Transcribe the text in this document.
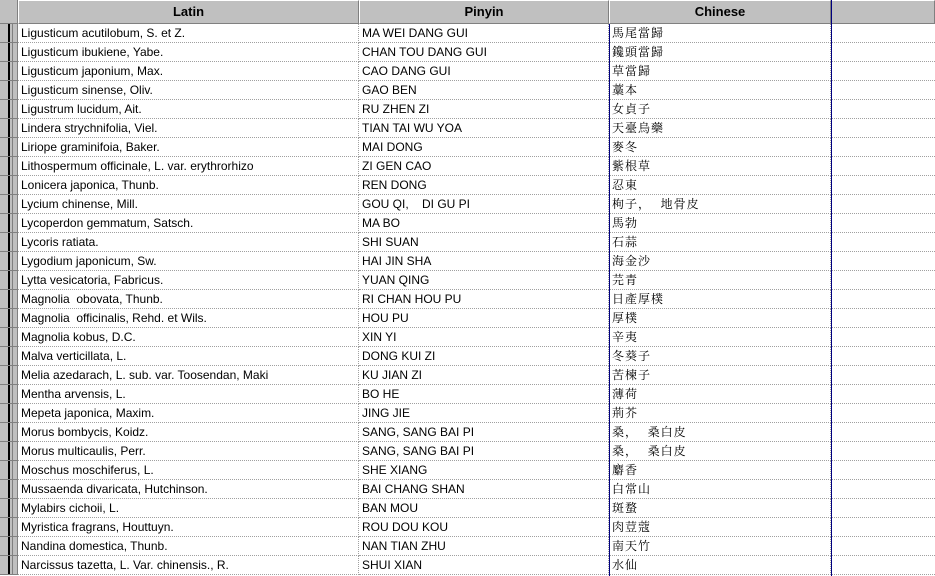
Latin	Pinyin	Chinese
Ligusticum acutilobum, S. et Z.	MA WEI DANG GUI	馬尾當歸
Ligusticum ibukiene, Yabe.	CHAN TOU DANG GUI	鑱頭當歸
Ligusticum japonium, Max.	CAO DANG GUI	草當歸
Ligusticum sinense, Oliv.	GAO BEN	藁本
Ligustrum lucidum, Ait.	RU ZHEN ZI	女貞子
Lindera strychnifolia, Viel.	TIAN TAI WU YOA	天臺烏藥
Liriope graminifoia, Baker.	MAI DONG	麥冬
Lithospermum officinale, L. var. erythrorhizo	ZI GEN CAO	紫根草
Lonicera japonica, Thunb.	REN DONG	忍東
Lycium chinense, Mill.	GOU QI,    DI GU PI	枸子，  地骨皮
Lycoperdon gemmatum, Satsch.	MA BO	馬勃
Lycoris ratiata.	SHI SUAN	石蒜
Lygodium japonicum, Sw.	HAI JIN SHA	海金沙
Lytta vesicatoria, Fabricus.	YUAN QING	芫青
Magnolia  obovata, Thunb.	RI CHAN HOU PU	日產厚樸
Magnolia  officinalis, Rehd. et Wils.	HOU PU	厚樸
Magnolia kobus, D.C.	XIN YI	辛夷
Malva verticillata, L.	DONG KUI ZI	冬葵子
Melia azedarach, L. sub. var. Toosendan, Maki	KU JIAN ZI	苦楝子
Mentha arvensis, L.	BO HE	薄荷
Mepeta japonica, Maxim.	JING JIE	荊芥
Morus bombycis, Koidz.	SANG, SANG BAI PI	桑，  桑白皮
Morus multicaulis, Perr.	SANG, SANG BAI PI	桑，  桑白皮
Moschus moschiferus, L.	SHE XIANG	麝香
Mussaenda divaricata, Hutchinson.	BAI CHANG SHAN	白常山
Mylabirs cichoii, L.	BAN MOU	斑蝥
Myristica fragrans, Houttuyn.	ROU DOU KOU	肉荳蔻
Nandina domestica, Thunb.	NAN TIAN ZHU	南天竹
Narcissus tazetta, L. Var. chinensis., R.	SHUI XIAN	水仙
